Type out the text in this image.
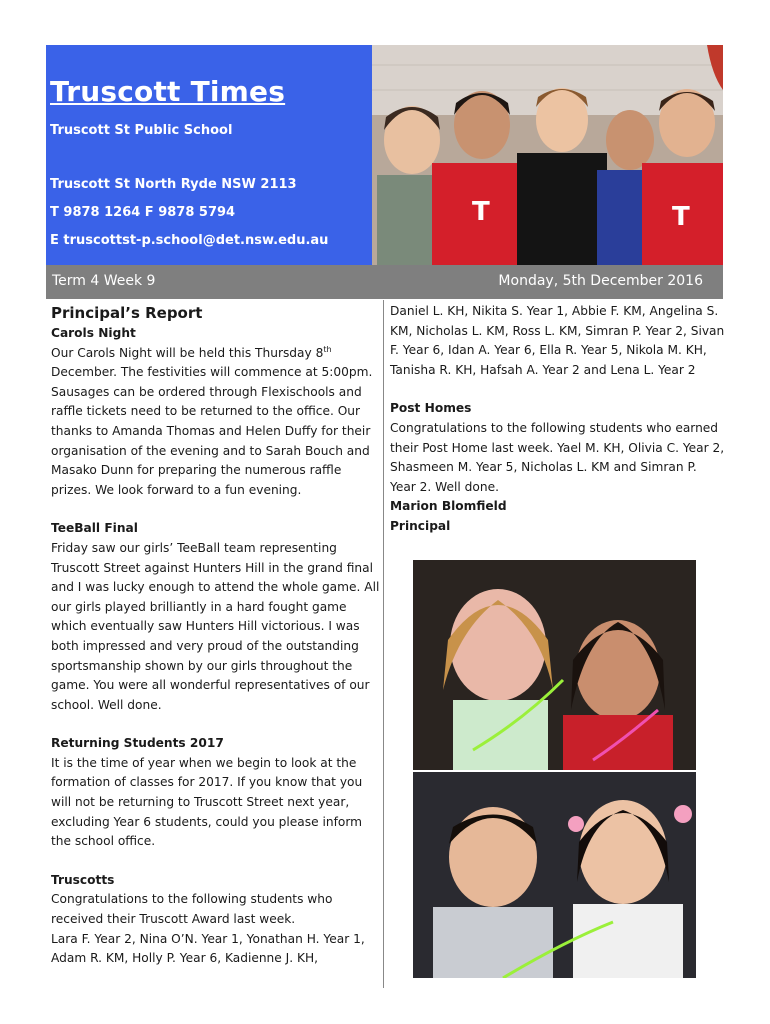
Truscott Times
Truscott St Public School
Truscott St North Ryde NSW 2113
T 9878 1264 F 9878 5794
E truscottst-p.school@det.nsw.edu.au
T	T
Term 4 Week 9	Monday, 5th December 2016
Principal’s Report
Carols Night

Our Carols Night will be held this Thursday 8th December. The festivities will commence at 5:00pm. Sausages can be ordered through Flexischools and raffle tickets need to be returned to the office. Our thanks to Amanda Thomas and Helen Duffy for their organisation of the evening and to Sarah Bouch and Masako Dunn for preparing the numerous raffle prizes. We look forward to a fun evening.

TeeBall Final

Friday saw our girls’ TeeBall team representing Truscott Street against Hunters Hill in the grand final and I was lucky enough to attend the whole game. All our girls played brilliantly in a hard fought game which eventually saw Hunters Hill victorious. I was both impressed and very proud of the outstanding sportsmanship shown by our girls throughout the game. You were all wonderful representatives of our school. Well done.

Returning Students 2017

It is the time of year when we begin to look at the formation of classes for 2017. If you know that you will not be returning to Truscott Street next year, excluding Year 6 students, could you please inform the school office.

Truscotts

Congratulations to the following students who received their Truscott Award last week.

Lara F. Year 2, Nina O’N. Year 1, Yonathan H. Year 1, Adam R. KM, Holly P. Year 6, Kadienne J. KH,

Daniel L. KH, Nikita S. Year 1, Abbie F. KM, Angelina S. KM, Nicholas L. KM, Ross L. KM, Simran P. Year 2, Sivan F. Year 6, Idan A. Year 6, Ella R. Year 5, Nikola M. KH, Tanisha R. KH, Hafsah A. Year 2 and Lena L. Year 2

Post Homes

Congratulations to the following students who earned their Post Home last week. Yael M. KH, Olivia C. Year 2, Shasmeen M. Year 5, Nicholas L. KM and Simran P. Year 2. Well done.

Marion Blomfield
Principal
